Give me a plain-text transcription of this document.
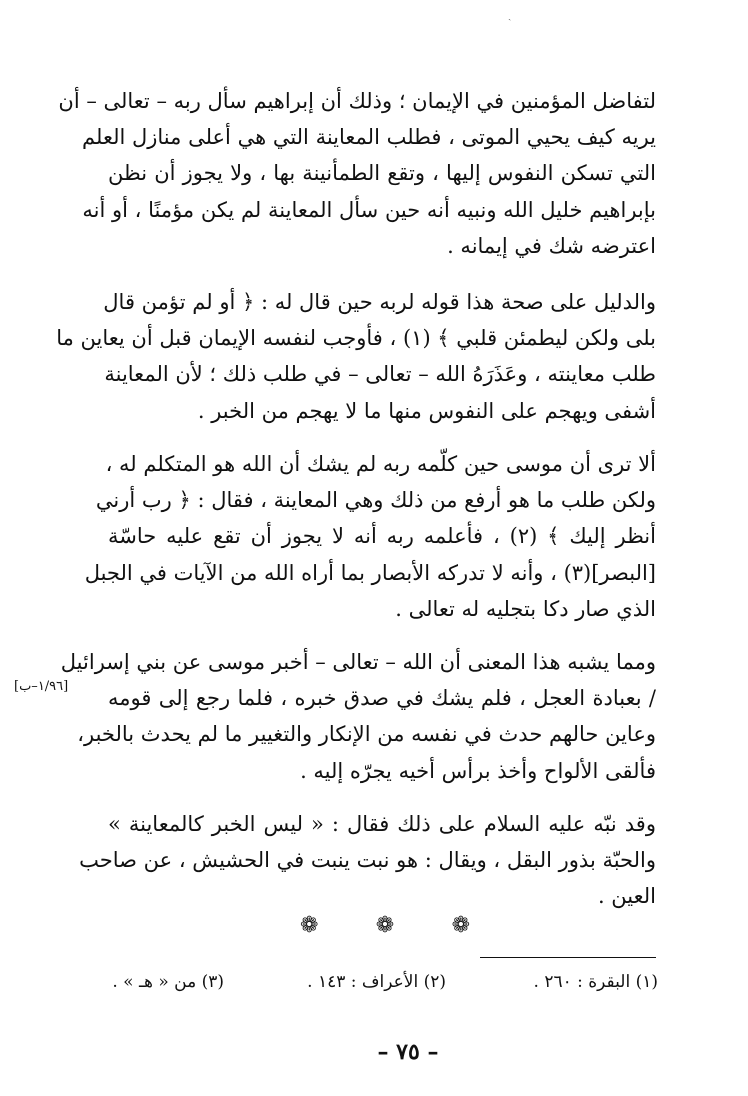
ˏ
لتفاضل المؤمنين في الإيمان ؛ وذلك أن إبراهيم سأل ربه – تعالى – أن
يريه كيف يحيي الموتى ، فطلب المعاينة التي هي أعلى منازل العلم
التي تسكن النفوس إليها ، وتقع الطمأنينة بها ، ولا يجوز أن نظن
بإبراهيم خليل الله ونبيه أنه حين سأل المعاينة لم يكن مؤمنًا ، أو أنه
اعترضه شك في إيمانه .
والدليل على صحة هذا قوله لربه حين قال له : ﴿ أو لم تؤمن قال
بلى ولكن ليطمئن قلبي ﴾ (١) ، فأوجب لنفسه الإيمان قبل أن يعاين ما
طلب معاينته ، وعَذَرَهُ الله – تعالى – في طلب ذلك ؛ لأن المعاينة
أشفى ويهجم على النفوس منها ما لا يهجم من الخبر .
ألا ترى أن موسى حين كلّمه ربه لم يشك أن الله هو المتكلم له ،
ولكن طلب ما هو أرفع من ذلك وهي المعاينة ، فقال : ﴿ رب أرني
أنظر إليك ﴾ (٢) ، فأعلمه ربه أنه لا يجوز أن تقع عليه حاسّة
[البصر](٣) ، وأنه لا تدركه الأبصار بما أراه الله من الآيات في الجبل
الذي صار دكا بتجليه له تعالى .
ومما يشبه هذا المعنى أن الله – تعالى – أخبر موسى عن بني إسرائيل
/ بعبادة العجل ، فلم يشك في صدق خبره ، فلما رجع إلى قومه
وعاين حالهم حدث في نفسه من الإنكار والتغيير ما لم يحدث بالخبر،
فألقى الألواح وأخذ برأس أخيه يجرّه إليه .
وقد نبّه عليه السلام على ذلك فقال : « ليس الخبر كالمعاينة »
والحبّة بذور البقل ، ويقال : هو نبت ينبت في الحشيش ، عن صاحب
العين .
[١/٩٦–ب]
❁	❁	❁
(١) البقرة : ٢٦٠ .
(٢) الأعراف : ١٤٣ .
(٣) من « هـ » .
– ٧٥ –
